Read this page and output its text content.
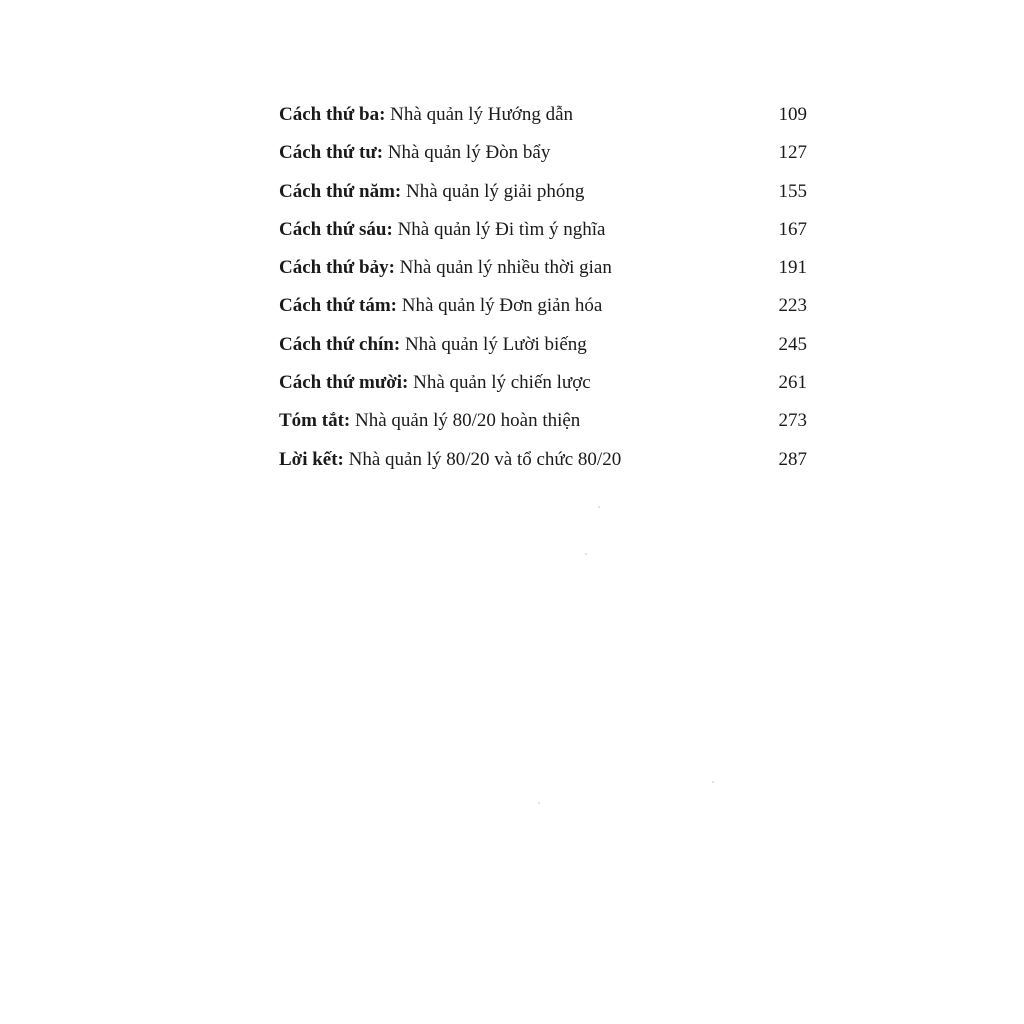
Cách thứ ba: Nhà quản lý Hướng dẫn	109
Cách thứ tư: Nhà quản lý Đòn bẩy	127
Cách thứ năm: Nhà quản lý giải phóng	155
Cách thứ sáu: Nhà quản lý Đi tìm ý nghĩa	167
Cách thứ bảy: Nhà quản lý nhiều thời gian	191
Cách thứ tám: Nhà quản lý Đơn giản hóa	223
Cách thứ chín: Nhà quản lý Lười biếng	245
Cách thứ mười: Nhà quản lý chiến lược	261
Tóm tắt: Nhà quản lý 80/20 hoàn thiện	273
Lời kết: Nhà quản lý 80/20 và tổ chức 80/20	287
